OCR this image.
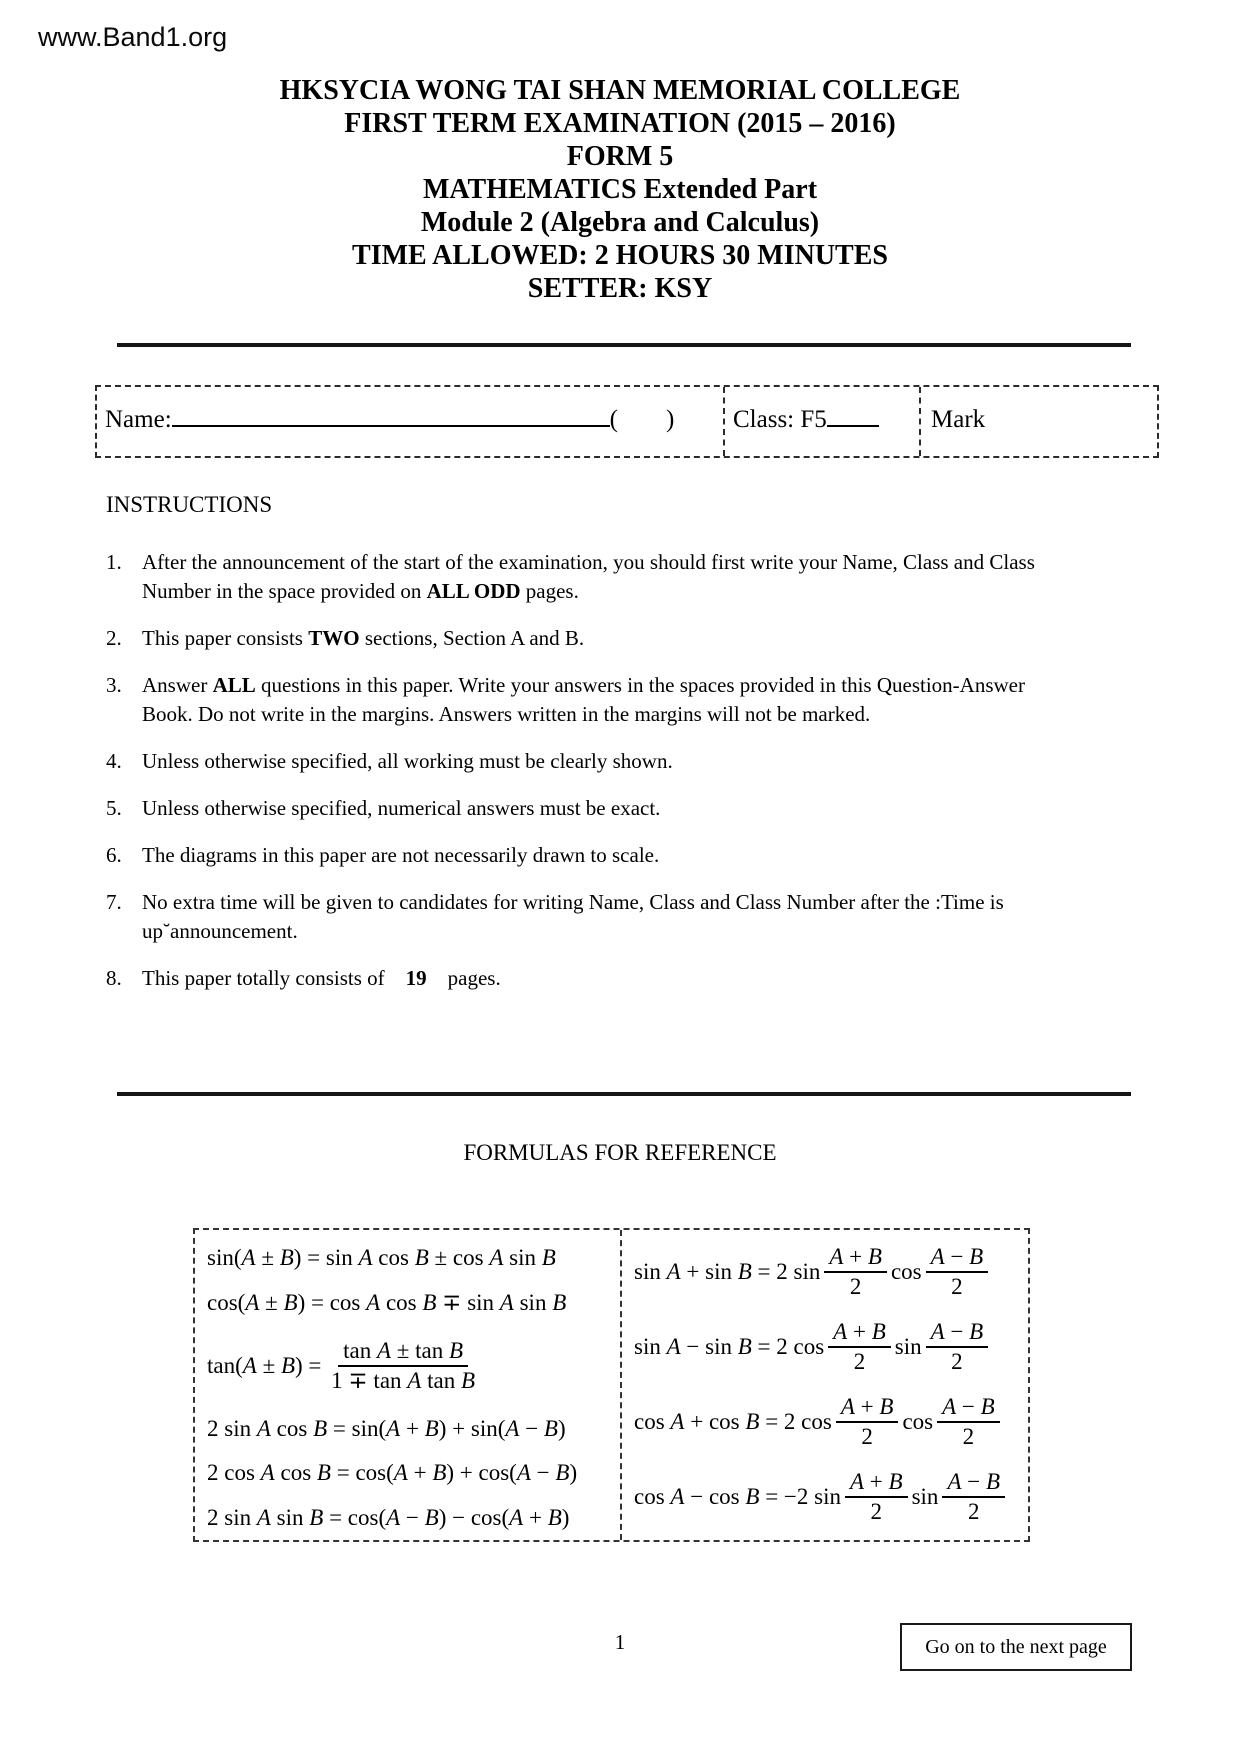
www.Band1.org
HKSYCIA WONG TAI SHAN MEMORIAL COLLEGE
FIRST TERM EXAMINATION (2015 – 2016)
FORM 5
MATHEMATICS Extended Part
Module 2 (Algebra and Calculus)
TIME ALLOWED: 2 HOURS 30 MINUTES
SETTER: KSY
Name:	( )	Class: F5	Mark
INSTRUCTIONS
1. After the announcement of the start of the examination, you should first write your Name, Class and Class Number in the space provided on ALL ODD pages.
2. This paper consists TWO sections, Section A and B.
3. Answer ALL questions in this paper. Write your answers in the spaces provided in this Question-Answer Book. Do not write in the margins. Answers written in the margins will not be marked.
4. Unless otherwise specified, all working must be clearly shown.
5. Unless otherwise specified, numerical answers must be exact.
6. The diagrams in this paper are not necessarily drawn to scale.
7. No extra time will be given to candidates for writing Name, Class and Class Number after the :Time is up˘announcement.
8. This paper totally consists of  19  pages.
FORMULAS FOR REFERENCE
sin(A ± B) = sin A cos B ± cos A sin B
cos(A ± B) = cos A cos B ∓ sin A sin B
$\tan(A \pm B) = \frac{\text{tan A ± tan B}}{\text{1 ∓ tan A tan B}}$
2 sin A cos B = sin(A + B) + sin(A − B)
2 cos A cos B = cos(A + B) + cos(A − B)
2 sin A sin B = cos(A − B) − cos(A + B)
sin A + sin B = 2 $\sin \frac{A + B}{2}$ $\cos \frac{A - B}{2}$
sin A − sin B = 2 $\cos \frac{A + B}{2}$ $\sin \frac{A - B}{2}$
cos A + cos B = 2 $\cos \frac{A + B}{2}$ $\cos \frac{A - B}{2}$
cos A − cos B = −2 $\sin \frac{A + B}{2}$ $\sin \frac{A - B}{2}$
1	Go on to the next page
